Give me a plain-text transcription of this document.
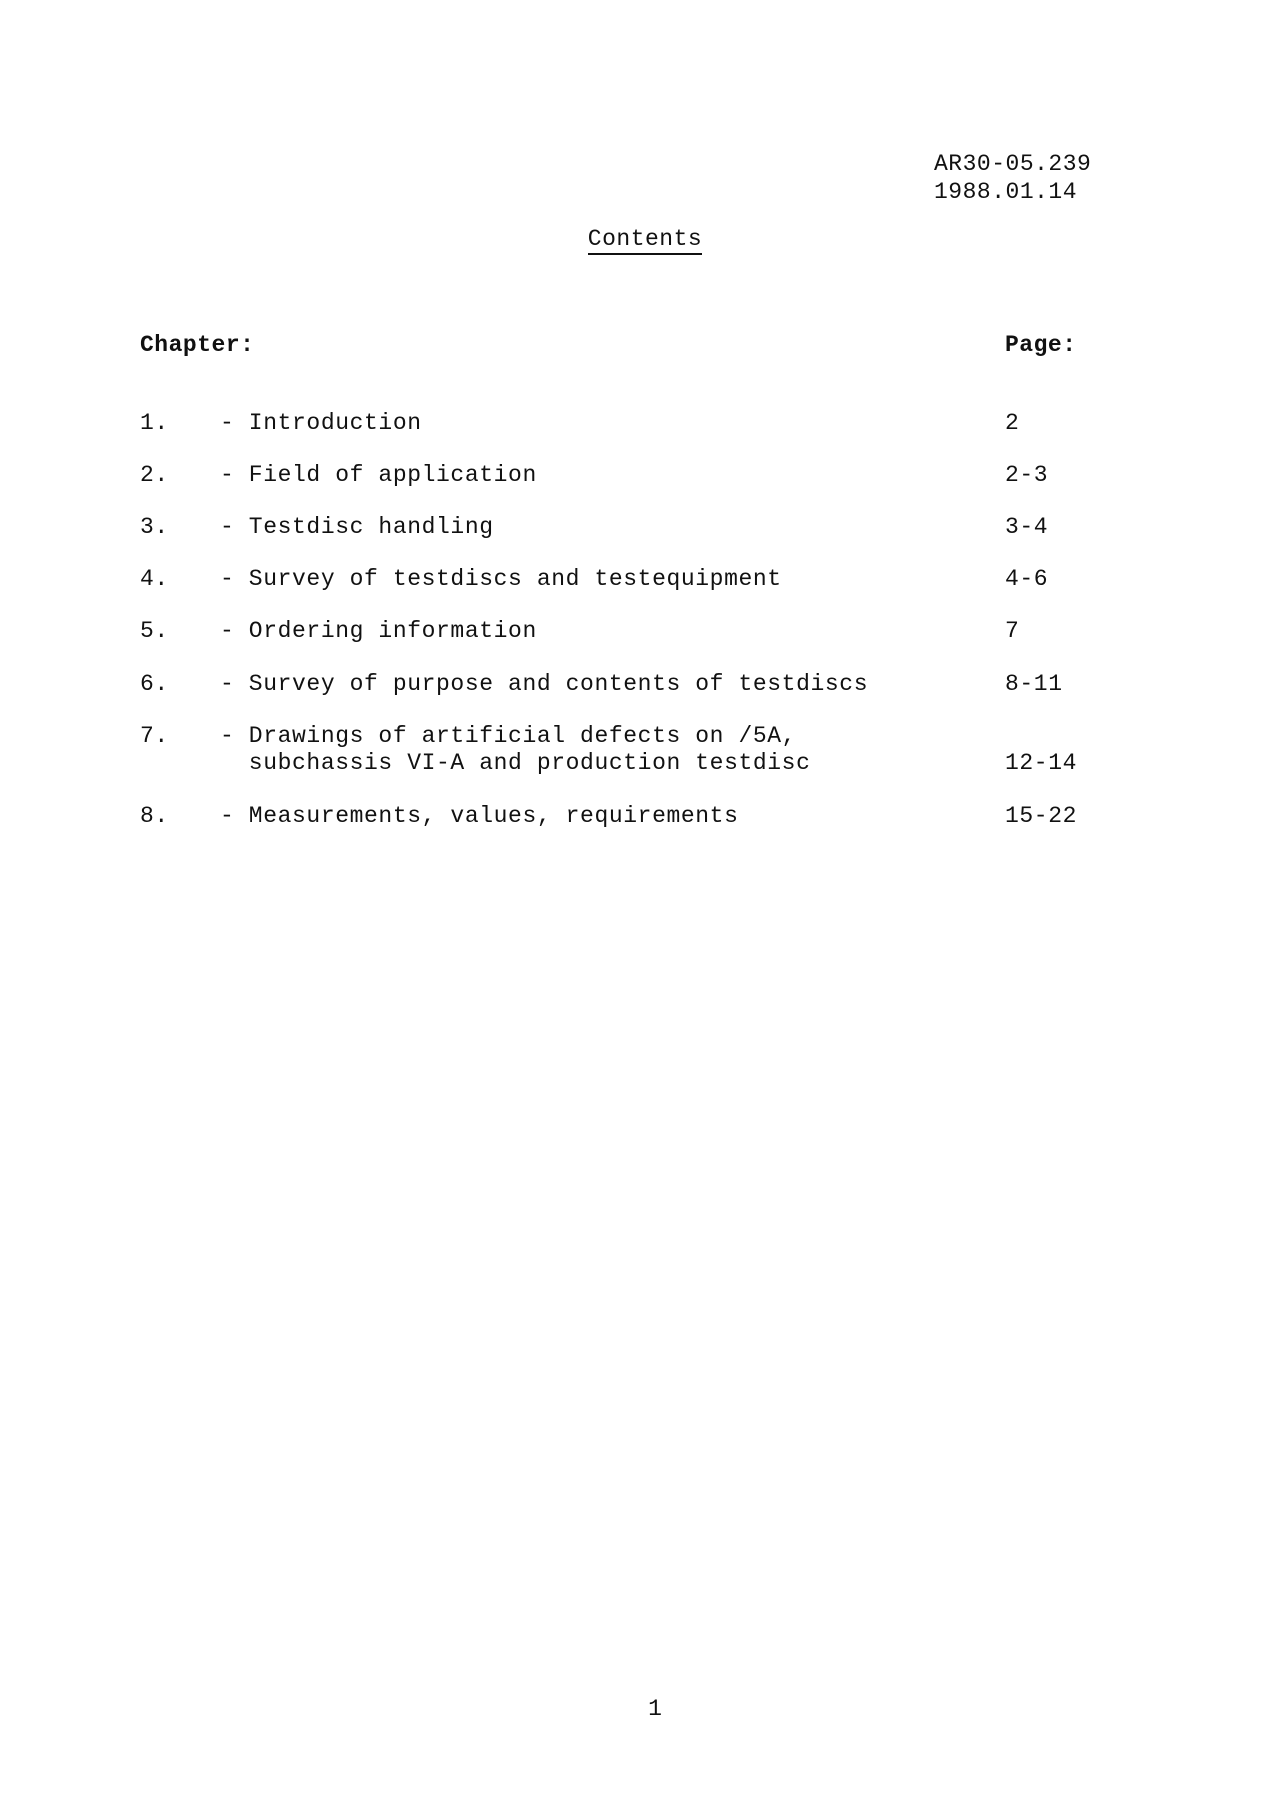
AR30-05.239
1988.01.14
Contents
Chapter:	Page:
1. - Introduction	2
2. - Field of application	2-3
3. - Testdisc handling	3-4
4. - Survey of testdiscs and testequipment	4-6
5. - Ordering information	7
6. - Survey of purpose and contents of testdiscs	8-11
7. - Drawings of artificial defects on /5A,
subchassis VI-A and production testdisc	12-14
8. - Measurements, values, requirements	15-22
1
